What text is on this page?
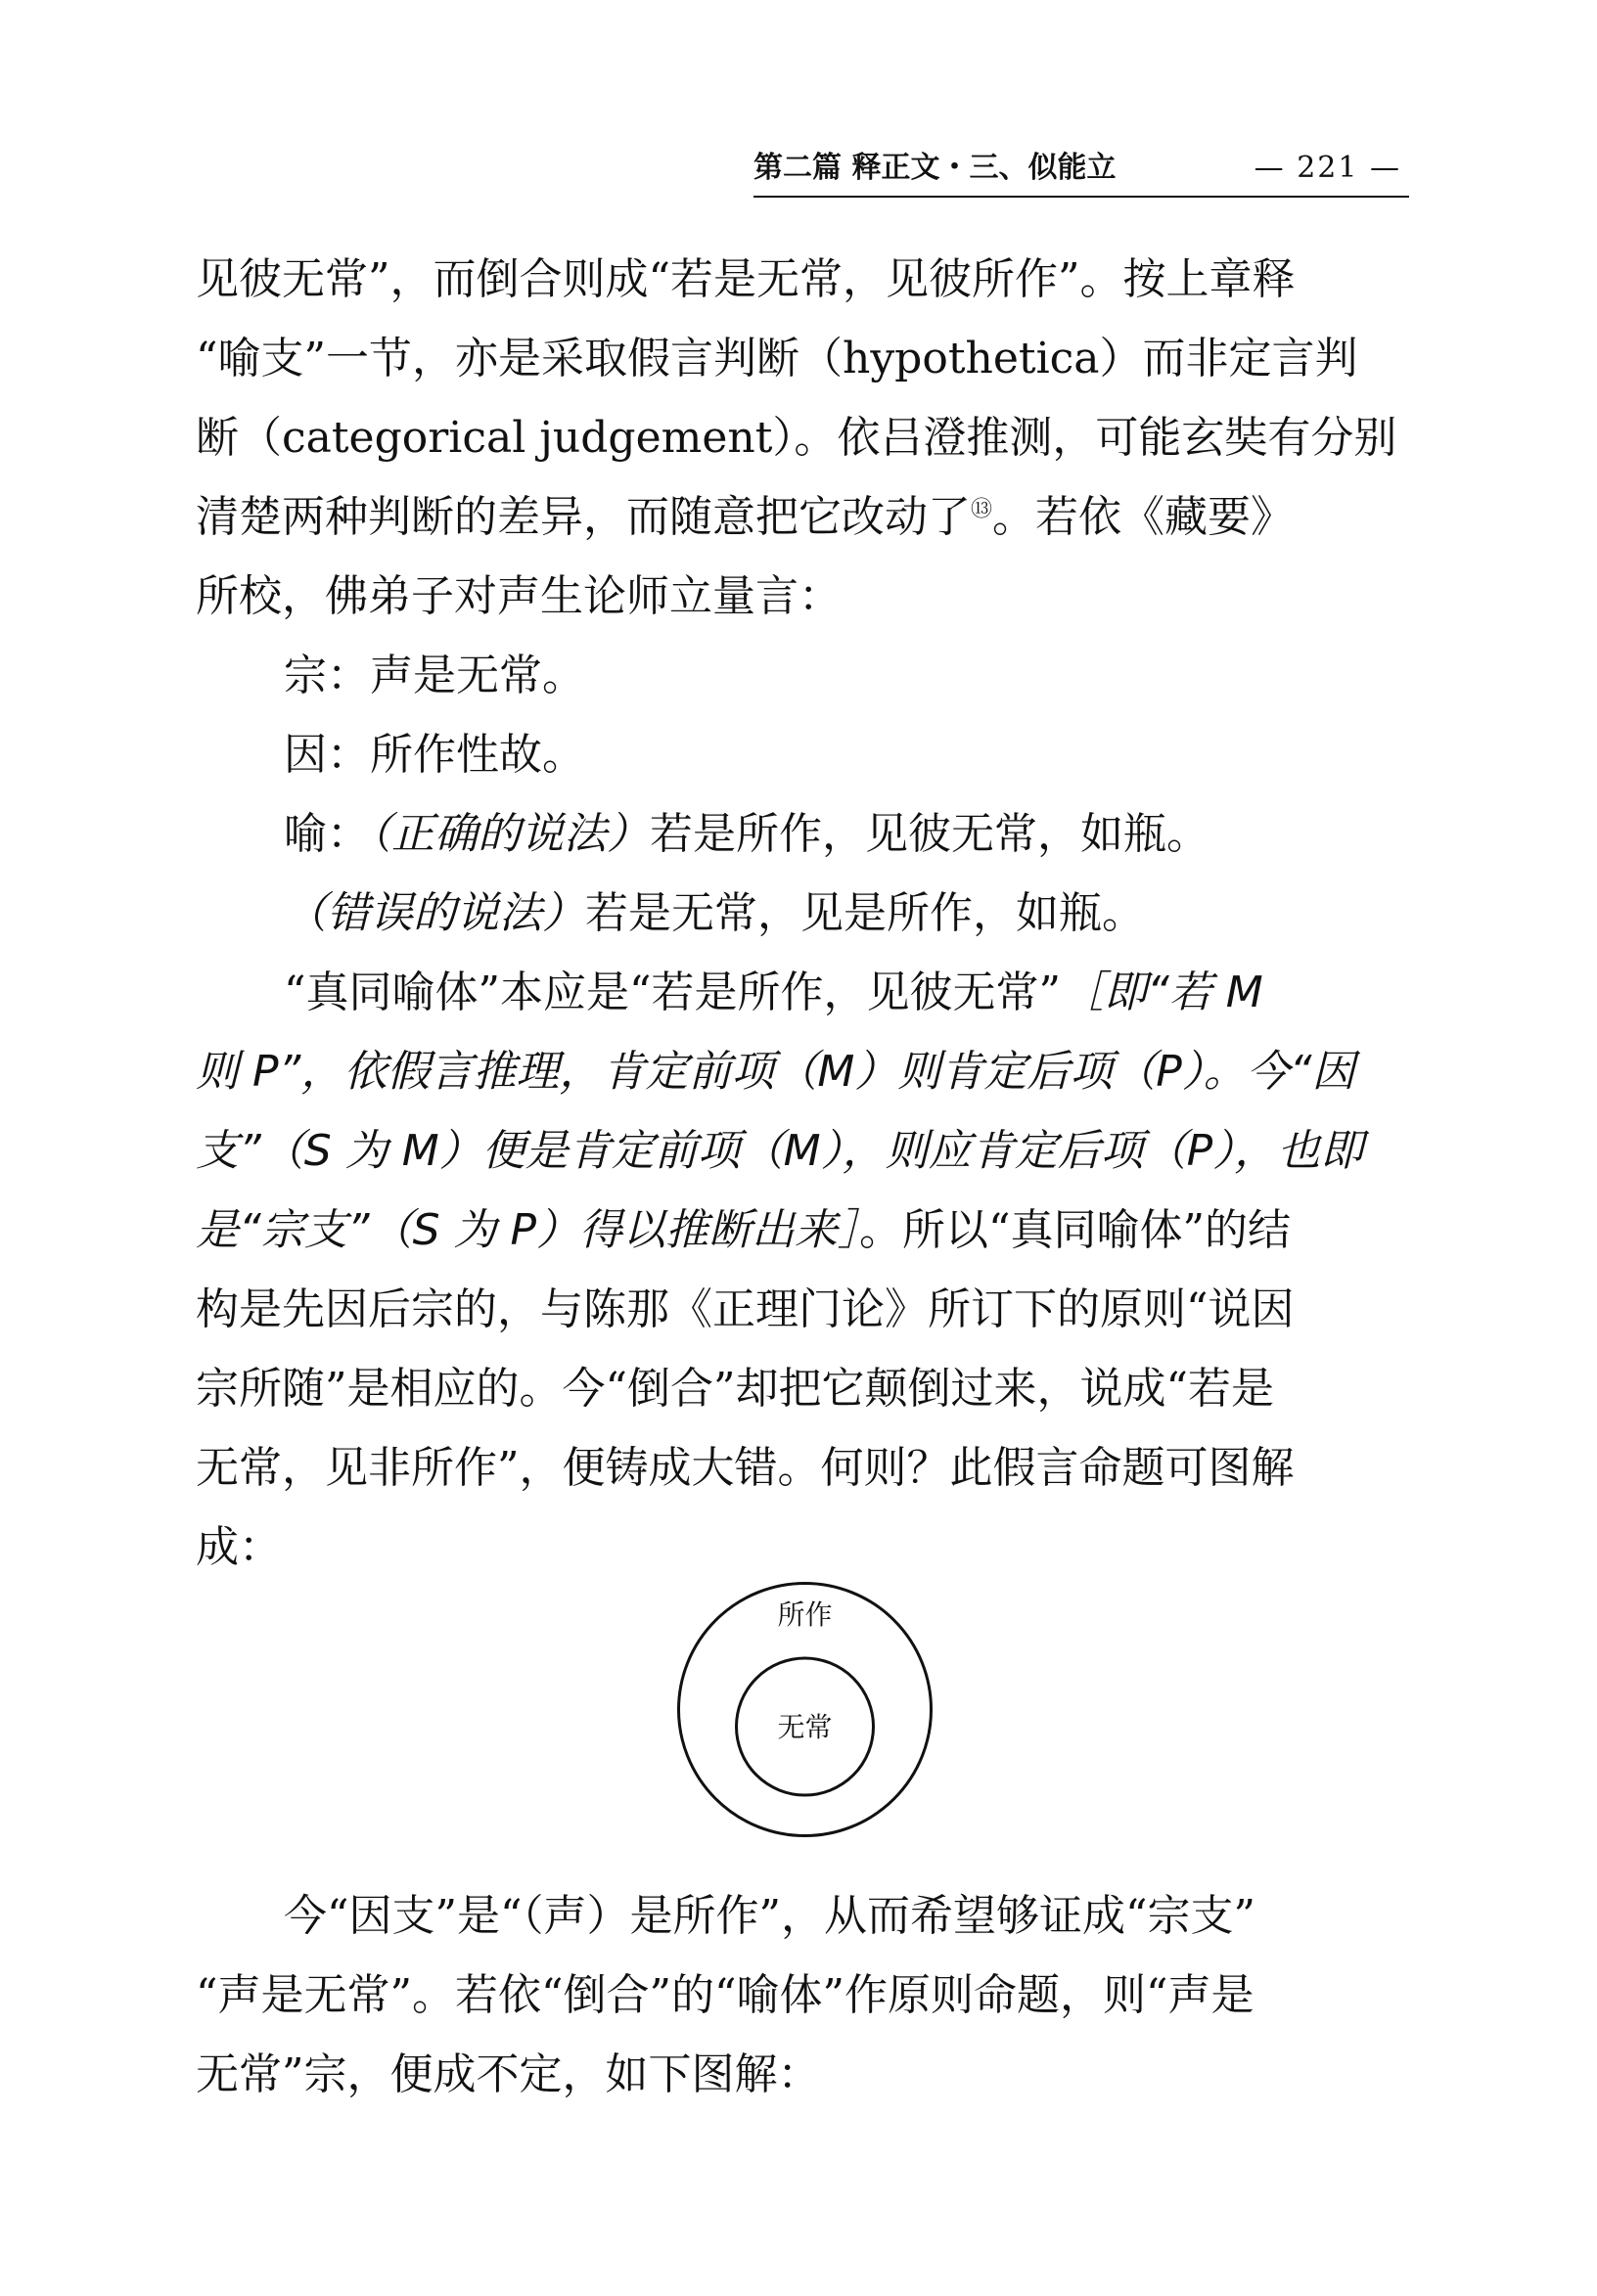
第二篇 释正文・三、似能立	— 221 —

见彼无常”，而倒合则成“若是无常，见彼所作”。按上章释

“喻支”一节，亦是采取假言判断（hypothetica）而非定言判

断（categorical judgement）。依吕澄推测，可能玄奘有分别

清楚两种判断的差异，而随意把它改动了⑬。若依《藏要》

所校，佛弟子对声生论师立量言：

宗：声是无常。

因：所作性故。

喻：（正确的说法）若是所作，见彼无常，如瓶。

（错误的说法）若是无常，见是所作，如瓶。

“真同喻体”本应是“若是所作，见彼无常”［即“若 M

则 P”，依假言推理，肯定前项（M）则肯定后项（P）。今“因

支”（S 为 M）便是肯定前项（M），则应肯定后项（P），也即

是“宗支”（S 为 P）得以推断出来］。所以“真同喻体”的结

构是先因后宗的，与陈那《正理门论》所订下的原则“说因

宗所随”是相应的。今“倒合”却把它颠倒过来，说成“若是

无常，见非所作”，便铸成大错。何则？此假言命题可图解

成：

所作
无常

今“因支”是“（声）是所作”，从而希望够证成“宗支”

“声是无常”。若依“倒合”的“喻体”作原则命题，则“声是

无常”宗，便成不定，如下图解：
